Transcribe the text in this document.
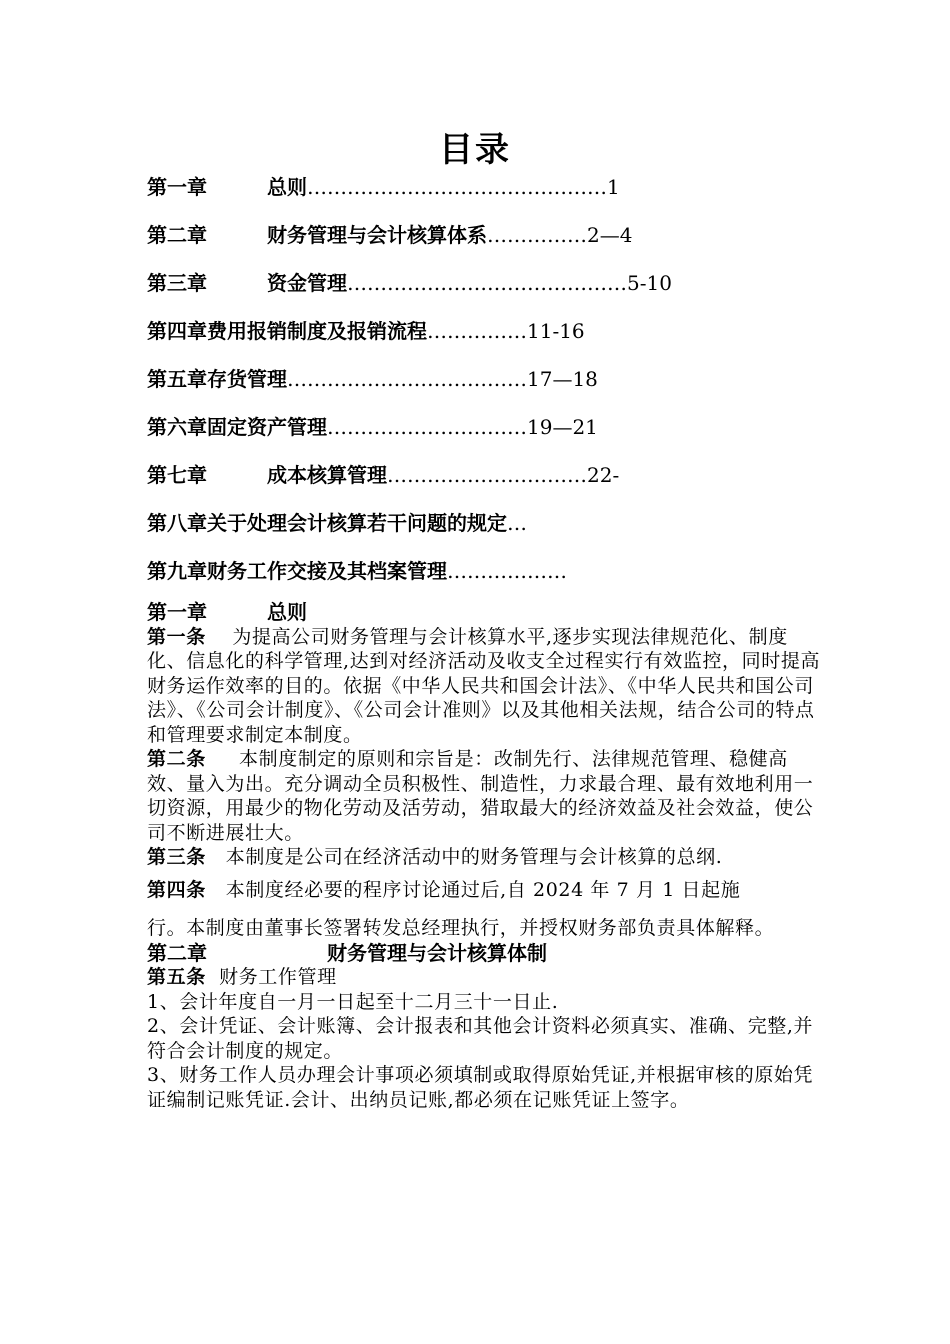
目录
第一章	总则………………………………………1
第二章	财务管理与会计核算体系……………2—4
第三章	资金管理……………………………………5-10
第四章费用报销制度及报销流程……………11-16
第五章存货管理………………………………17—18
第六章固定资产管理…………………………19—21
第七章	成本核算管理…………………………22-
第八章关于处理会计核算若干问题的规定…
第九章财务工作交接及其档案管理………………
第一章	总则

第一条 为提高公司财务管理与会计核算水平,逐步实现法律规范化、制度化、信息化的科学管理,达到对经济活动及收支全过程实行有效监控，同时提高财务运作效率的目的。依据《中华人民共和国会计法》、《中华人民共和国公司法》、《公司会计制度》、《公司会计准则》以及其他相关法规，结合公司的特点和管理要求制定本制度。

第二条 本制度制定的原则和宗旨是：改制先行、法律规范管理、稳健高效、量入为出。充分调动全员积极性、制造性，力求最合理、最有效地利用一切资源，用最少的物化劳动及活劳动，猎取最大的经济效益及社会效益，使公司不断进展壮大。

第三条 本制度是公司在经济活动中的财务管理与会计核算的总纲.

第四条 本制度经必要的程序讨论通过后,自 2024 年 7 月 1 日起施

行。本制度由董事长签署转发总经理执行，并授权财务部负责具体解释。

第二章	财务管理与会计核算体制

第五条 财务工作管理

1、会计年度自一月一日起至十二月三十一日止.

2、会计凭证、会计账簿、会计报表和其他会计资料必须真实、准确、完整,并符合会计制度的规定。

3、财务工作人员办理会计事项必须填制或取得原始凭证,并根据审核的原始凭证编制记账凭证.会计、出纳员记账,都必须在记账凭证上签字。
